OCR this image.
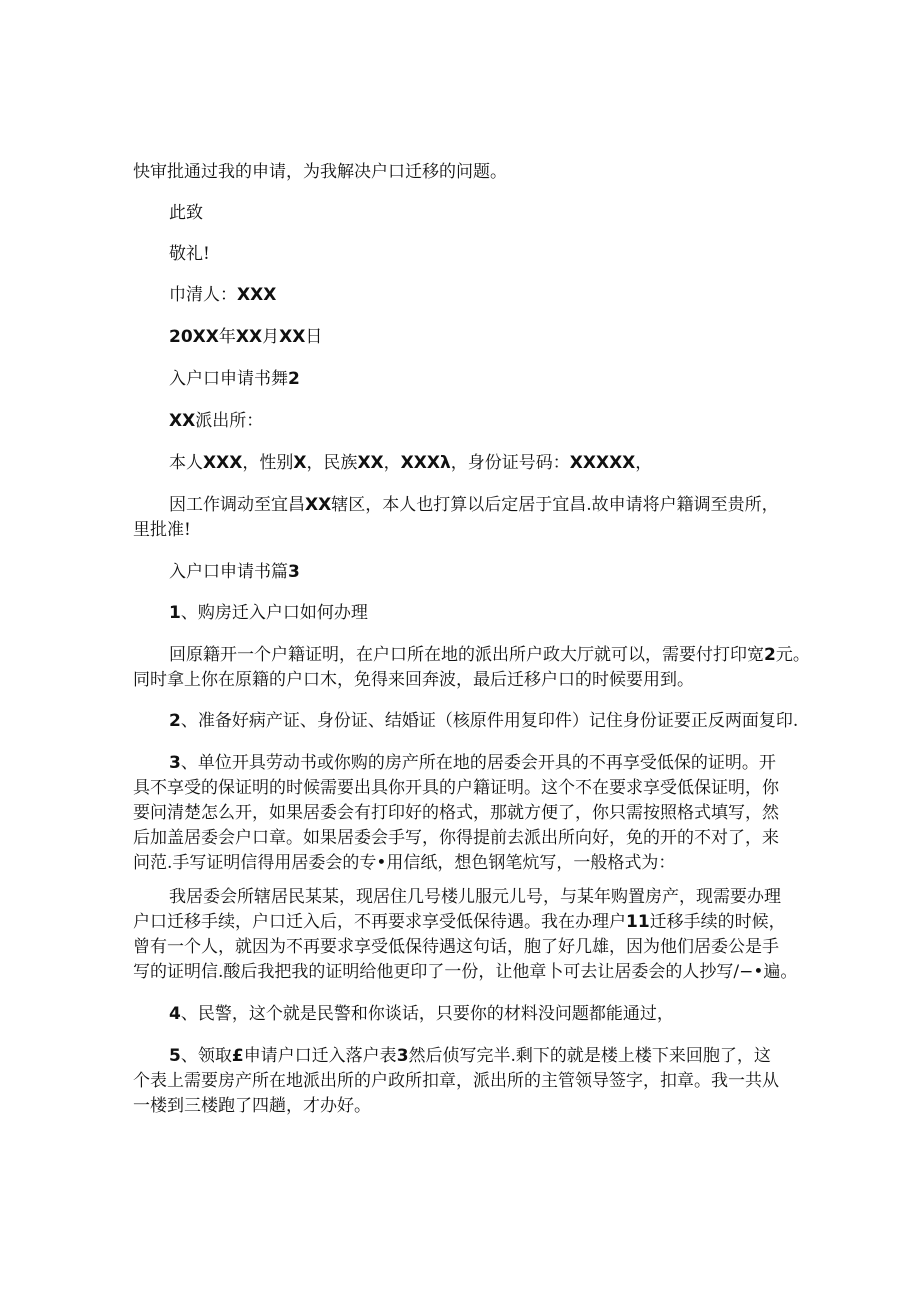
快审批通过我的申请，为我解决户口迁移的问题。
此致
敬礼!
巾清人：XXX
20XX年XX月XX日
入户口申请书舞2
XX派出所：
本人XXX，性别X，民族XX，XXXλ，身份证号码：XXXXX，
因工作调动至宜昌XX辖区，本人也打算以后定居于宜昌.故申请将户籍调至贵所，
里批准!
入户口申请书篇3
1、购房迁入户口如何办理
回原籍开一个户籍证明，在户口所在地的派出所户政大厅就可以，需要付打印宽2元。
同时拿上你在原籍的户口木，免得来回奔波，最后迁移户口的时候要用到。
2、准备好病产证、身份证、结婚证（核原件用复印件）记住身份证要正反两面复印.
3、单位开具劳动书或你购的房产所在地的居委会开具的不再享受低保的证明。开
具不享受的保证明的时候需要出具你开具的户籍证明。这个不在要求享受低保证明，你
要问清楚怎么开，如果居委会有打印好的格式，那就方便了，你只需按照格式填写，然
后加盖居委会户口章。如果居委会手写，你得提前去派出所向好，免的开的不对了，来
问范.手写证明信得用居委会的专•用信纸，想色钢笔炕写，一般格式为：
我居委会所辖居民某某，现居住几号楼儿服元儿号，与某年购置房产，现需要办理
户口迁移手续，户口迁入后，不再要求享受低保待遇。我在办理户11迁移手续的时候，
曾有一个人，就因为不再要求享受低保待遇这句话，胞了好几雄，因为他们居委公是手
写的证明信.酸后我把我的证明给他更印了一份，让他章卜可去让居委会的人抄写/−•遍。
4、民警，这个就是民警和你谈话，只要你的材料没问题都能通过，
5、领取£申请户口迁入落户表3然后侦写完半.剩下的就是楼上楼下来回胞了，这
个表上需要房产所在地派出所的户政所扣章，派出所的主管领导签字，扣章。我一共从
一楼到三楼跑了四趟，才办好。
